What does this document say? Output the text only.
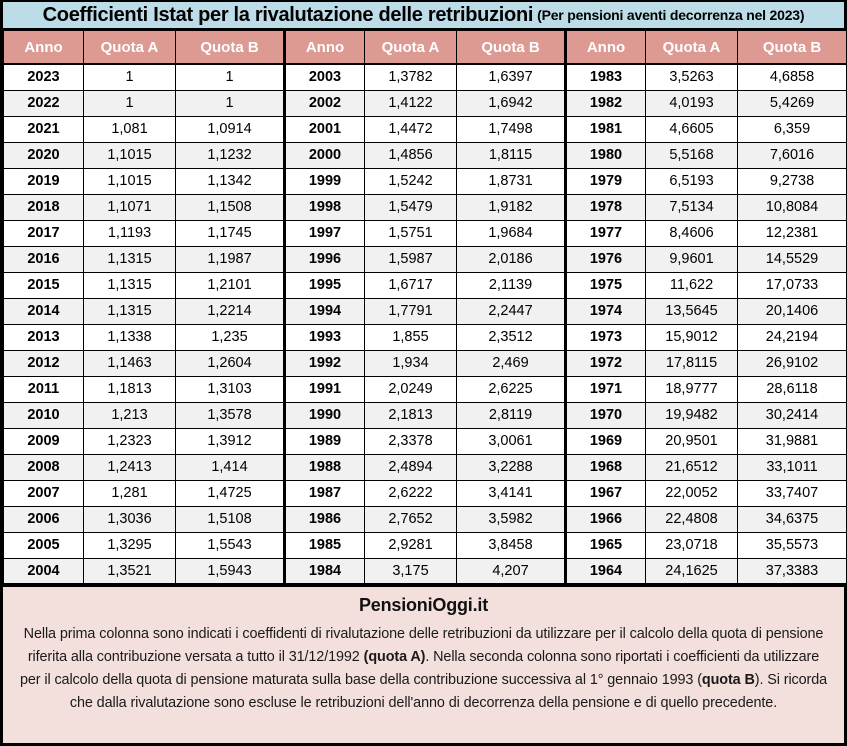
Coefficienti Istat per la rivalutazione delle retribuzioni (Per pensioni aventi decorrenza nel 2023)
Anno	Quota A	Quota B	Anno	Quota A	Quota B	Anno	Quota A	Quota B
2023	1	1	2003	1,3782	1,6397	1983	3,5263	4,6858
2022	1	1	2002	1,4122	1,6942	1982	4,0193	5,4269
2021	1,081	1,0914	2001	1,4472	1,7498	1981	4,6605	6,359
2020	1,1015	1,1232	2000	1,4856	1,8115	1980	5,5168	7,6016
2019	1,1015	1,1342	1999	1,5242	1,8731	1979	6,5193	9,2738
2018	1,1071	1,1508	1998	1,5479	1,9182	1978	7,5134	10,8084
2017	1,1193	1,1745	1997	1,5751	1,9684	1977	8,4606	12,2381
2016	1,1315	1,1987	1996	1,5987	2,0186	1976	9,9601	14,5529
2015	1,1315	1,2101	1995	1,6717	2,1139	1975	11,622	17,0733
2014	1,1315	1,2214	1994	1,7791	2,2447	1974	13,5645	20,1406
2013	1,1338	1,235	1993	1,855	2,3512	1973	15,9012	24,2194
2012	1,1463	1,2604	1992	1,934	2,469	1972	17,8115	26,9102
2011	1,1813	1,3103	1991	2,0249	2,6225	1971	18,9777	28,6118
2010	1,213	1,3578	1990	2,1813	2,8119	1970	19,9482	30,2414
2009	1,2323	1,3912	1989	2,3378	3,0061	1969	20,9501	31,9881
2008	1,2413	1,414	1988	2,4894	3,2288	1968	21,6512	33,1011
2007	1,281	1,4725	1987	2,6222	3,4141	1967	22,0052	33,7407
2006	1,3036	1,5108	1986	2,7652	3,5982	1966	22,4808	34,6375
2005	1,3295	1,5543	1985	2,9281	3,8458	1965	23,0718	35,5573
2004	1,3521	1,5943	1984	3,175	4,207	1964	24,1625	37,3383
PensioniOggi.it
Nella prima colonna sono indicati i coeffidenti di rivalutazione delle retribuzioni da utilizzare per il calcolo della quota di pensione riferita alla contribuzione versata a tutto il 31/12/1992 (quota A). Nella seconda colonna sono riportati i coefficienti da utilizzare per il calcolo della quota di pensione maturata sulla base della contribuzione successiva al 1° gennaio 1993 (quota B). Si ricorda che dalla rivalutazione sono escluse le retribuzioni dell'anno di decorrenza della pensione e di quello precedente.
